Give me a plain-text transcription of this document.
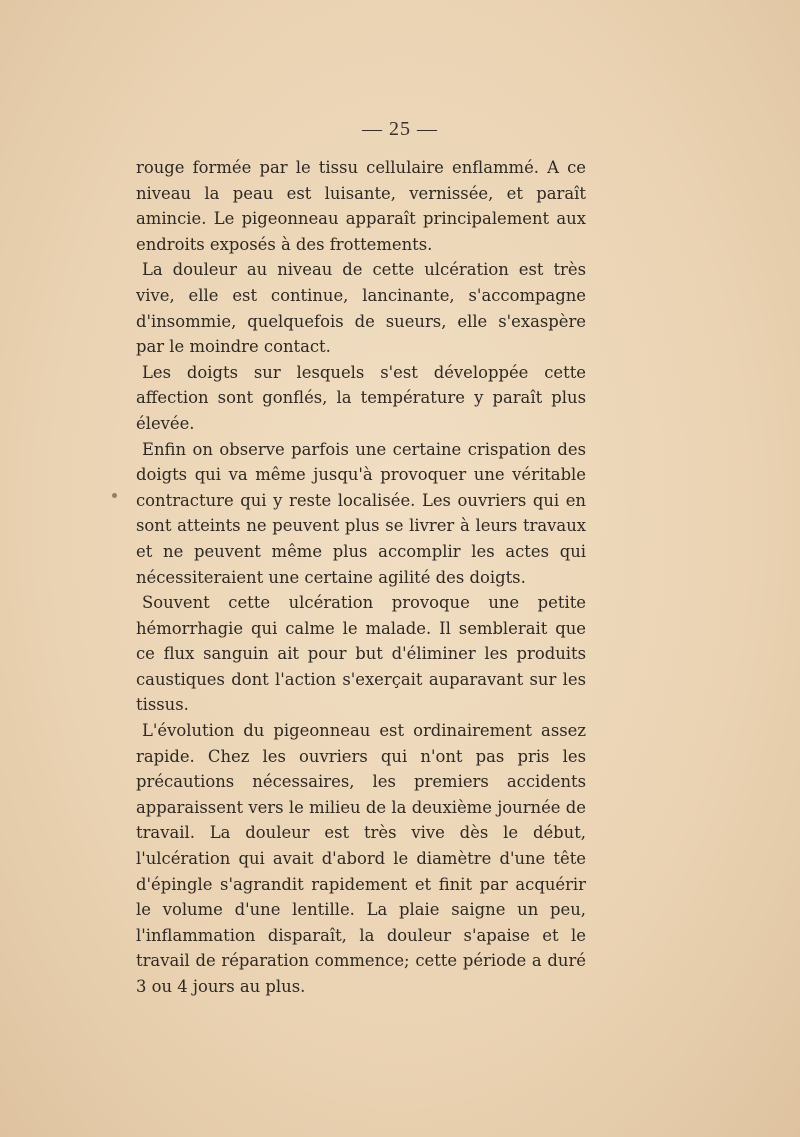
— 25 —

rouge formée par le tissu cellulaire enflammé. A ce niveau la peau est luisante, vernissée, et paraît amincie. Le pigeonneau apparaît principalement aux endroits exposés à des frottements.

La douleur au niveau de cette ulcération est très vive, elle est continue, lancinante, s'accompagne d'insommie, quelquefois de sueurs, elle s'exaspère par le moindre contact.

Les doigts sur lesquels s'est développée cette affection sont gonflés, la température y paraît plus élevée.

Enfin on observe parfois une certaine crispation des doigts qui va même jusqu'à provoquer une véritable contracture qui y reste localisée. Les ouvriers qui en sont atteints ne peuvent plus se livrer à leurs travaux et ne peuvent même plus accomplir les actes qui nécessiteraient une certaine agilité des doigts.

Souvent cette ulcération provoque une petite hémorrhagie qui calme le malade. Il semblerait que ce flux sanguin ait pour but d'éliminer les produits caustiques dont l'action s'exerçait auparavant sur les tissus.

L'évolution du pigeonneau est ordinairement assez rapide. Chez les ouvriers qui n'ont pas pris les précautions nécessaires, les premiers accidents apparaissent vers le milieu de la deuxième journée de travail. La douleur est très vive dès le début, l'ulcération qui avait d'abord le diamètre d'une tête d'épingle s'agrandit rapidement et finit par acquérir le volume d'une lentille. La plaie saigne un peu, l'inflammation disparaît, la douleur s'apaise et le travail de réparation commence; cette période a duré 3 ou 4 jours au plus.
